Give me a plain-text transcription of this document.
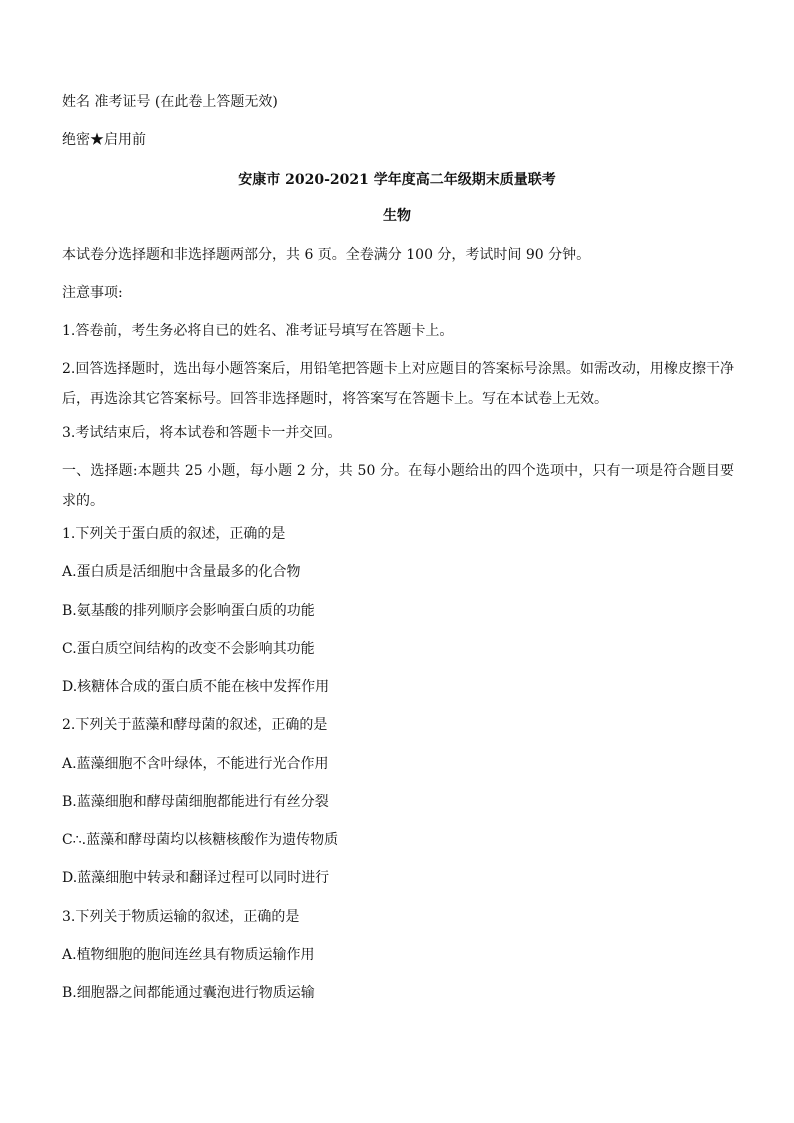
姓名 准考证号 (在此卷上答题无效)
绝密★启用前
安康市 2020-2021 学年度高二年级期末质量联考
生物
本试卷分选择题和非选择题两部分，共 6 页。全卷满分 100 分，考试时间 90 分钟。
注意事项:
1.答卷前，考生务必将自已的姓名、准考证号填写在答题卡上。
2.回答选择题时，选出每小题答案后，用铅笔把答题卡上对应题目的答案标号涂黑。如需改动，用橡皮擦干净后，再选涂其它答案标号。回答非选择题时，将答案写在答题卡上。写在本试卷上无效。
3.考试结束后，将本试卷和答题卡一并交回。
一、选择题:本题共 25 小题，每小题 2 分，共 50 分。在每小题给出的四个选项中，只有一项是符合题目要求的。
1.下列关于蛋白质的叙述，正确的是
A.蛋白质是活细胞中含量最多的化合物
B.氨基酸的排列顺序会影响蛋白质的功能
C.蛋白质空间结构的改变不会影响其功能
D.核糖体合成的蛋白质不能在核中发挥作用
2.下列关于蓝藻和酵母菌的叙述，正确的是
A.蓝藻细胞不含叶绿体，不能进行光合作用
B.蓝藻细胞和酵母菌细胞都能进行有丝分裂
C∴.蓝藻和酵母菌均以核糖核酸作为遗传物质
D.蓝藻细胞中转录和翻译过程可以同时进行
3.下列关于物质运输的叙述，正确的是
A.植物细胞的胞间连丝具有物质运输作用
B.细胞器之间都能通过囊泡进行物质运输
